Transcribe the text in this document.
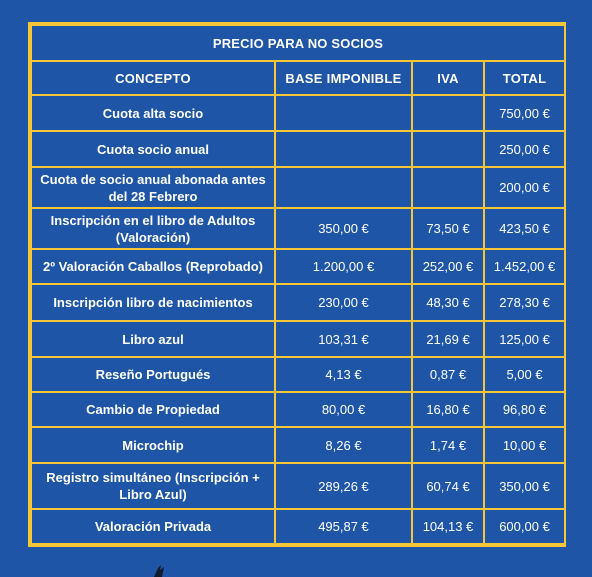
PRECIO PARA NO SOCIOS			
CONCEPTO	BASE IMPONIBLE	IVA	TOTAL
Cuota alta socio			750,00 €
Cuota socio anual			250,00 €
Cuota de socio anual abonada antes del 28 Febrero			200,00 €
Inscripción en el libro de Adultos (Valoración)	350,00 €	73,50 €	423,50 €
2º Valoración Caballos (Reprobado)	1.200,00 €	252,00 €	1.452,00 €
Inscripción libro de nacimientos	230,00 €	48,30 €	278,30 €
Libro azul	103,31 €	21,69 €	125,00 €
Reseño Portugués	4,13 €	0,87 €	5,00 €
Cambio de Propiedad	80,00 €	16,80 €	96,80 €
Microchip	8,26 €	1,74 €	10,00 €
Registro simultáneo (Inscripción + Libro Azul)	289,26 €	60,74 €	350,00 €
Valoración Privada	495,87 €	104,13 €	600,00 €
